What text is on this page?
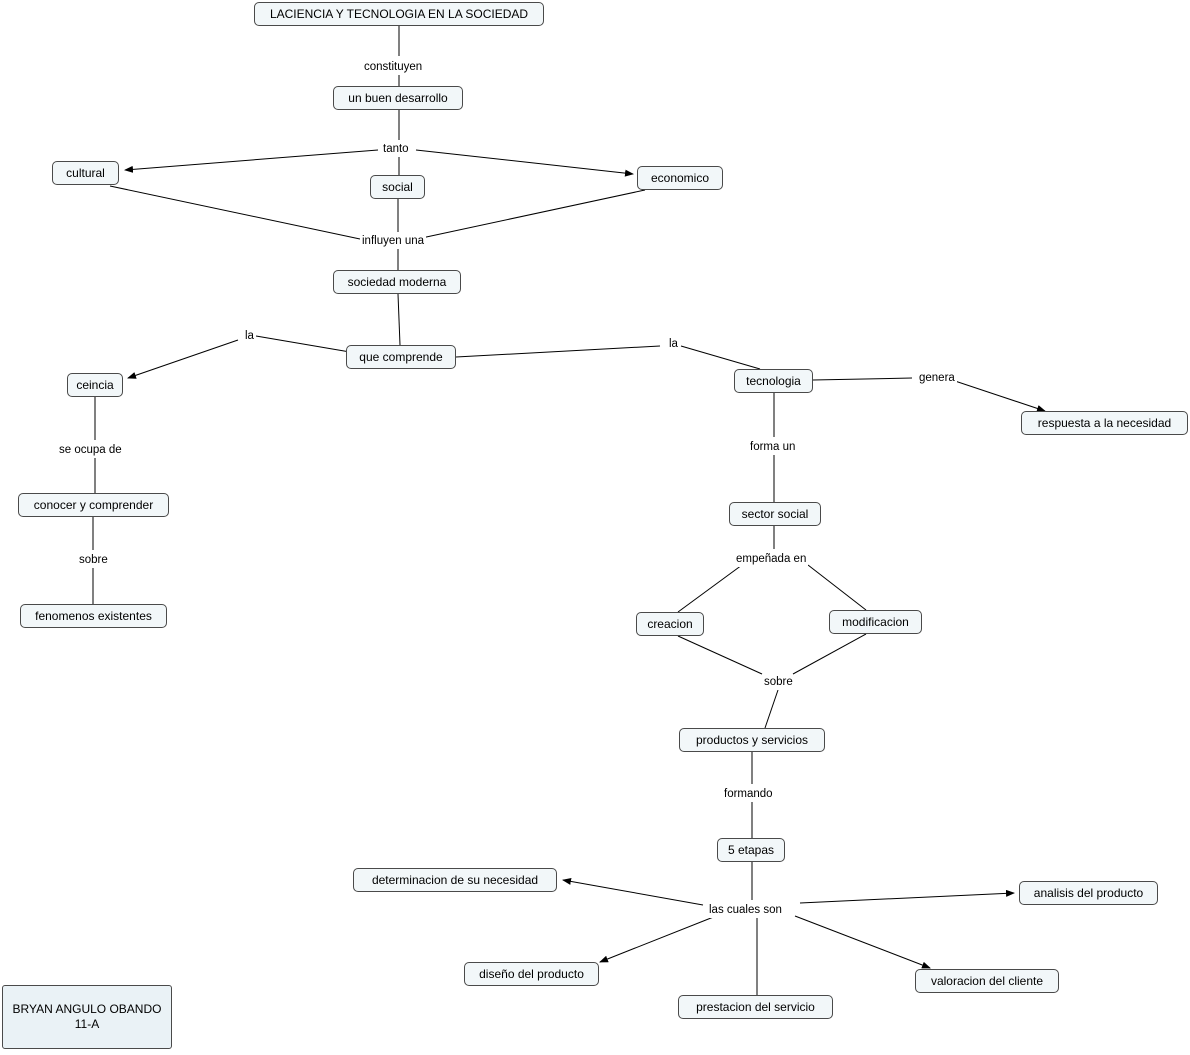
LACIENCIA Y TECNOLOGIA EN LA SOCIEDAD
un buen desarrollo
cultural
social
economico
sociedad moderna
que comprende
ceincia	tecnologia
respuesta a la necesidad
conocer y comprender
fenomenos existentes
sector social
creacion	modificacion
productos y servicios
5 etapas
determinacion de su necesidad
analisis del producto
diseño del producto	valoracion del cliente
prestacion del servicio
constituyen
tanto
influyen una
la
la
genera
se ocupa de
sobre
forma un
empeñada en
sobre
formando
las cuales son
BRYAN ANGULO OBANDO
11-A
